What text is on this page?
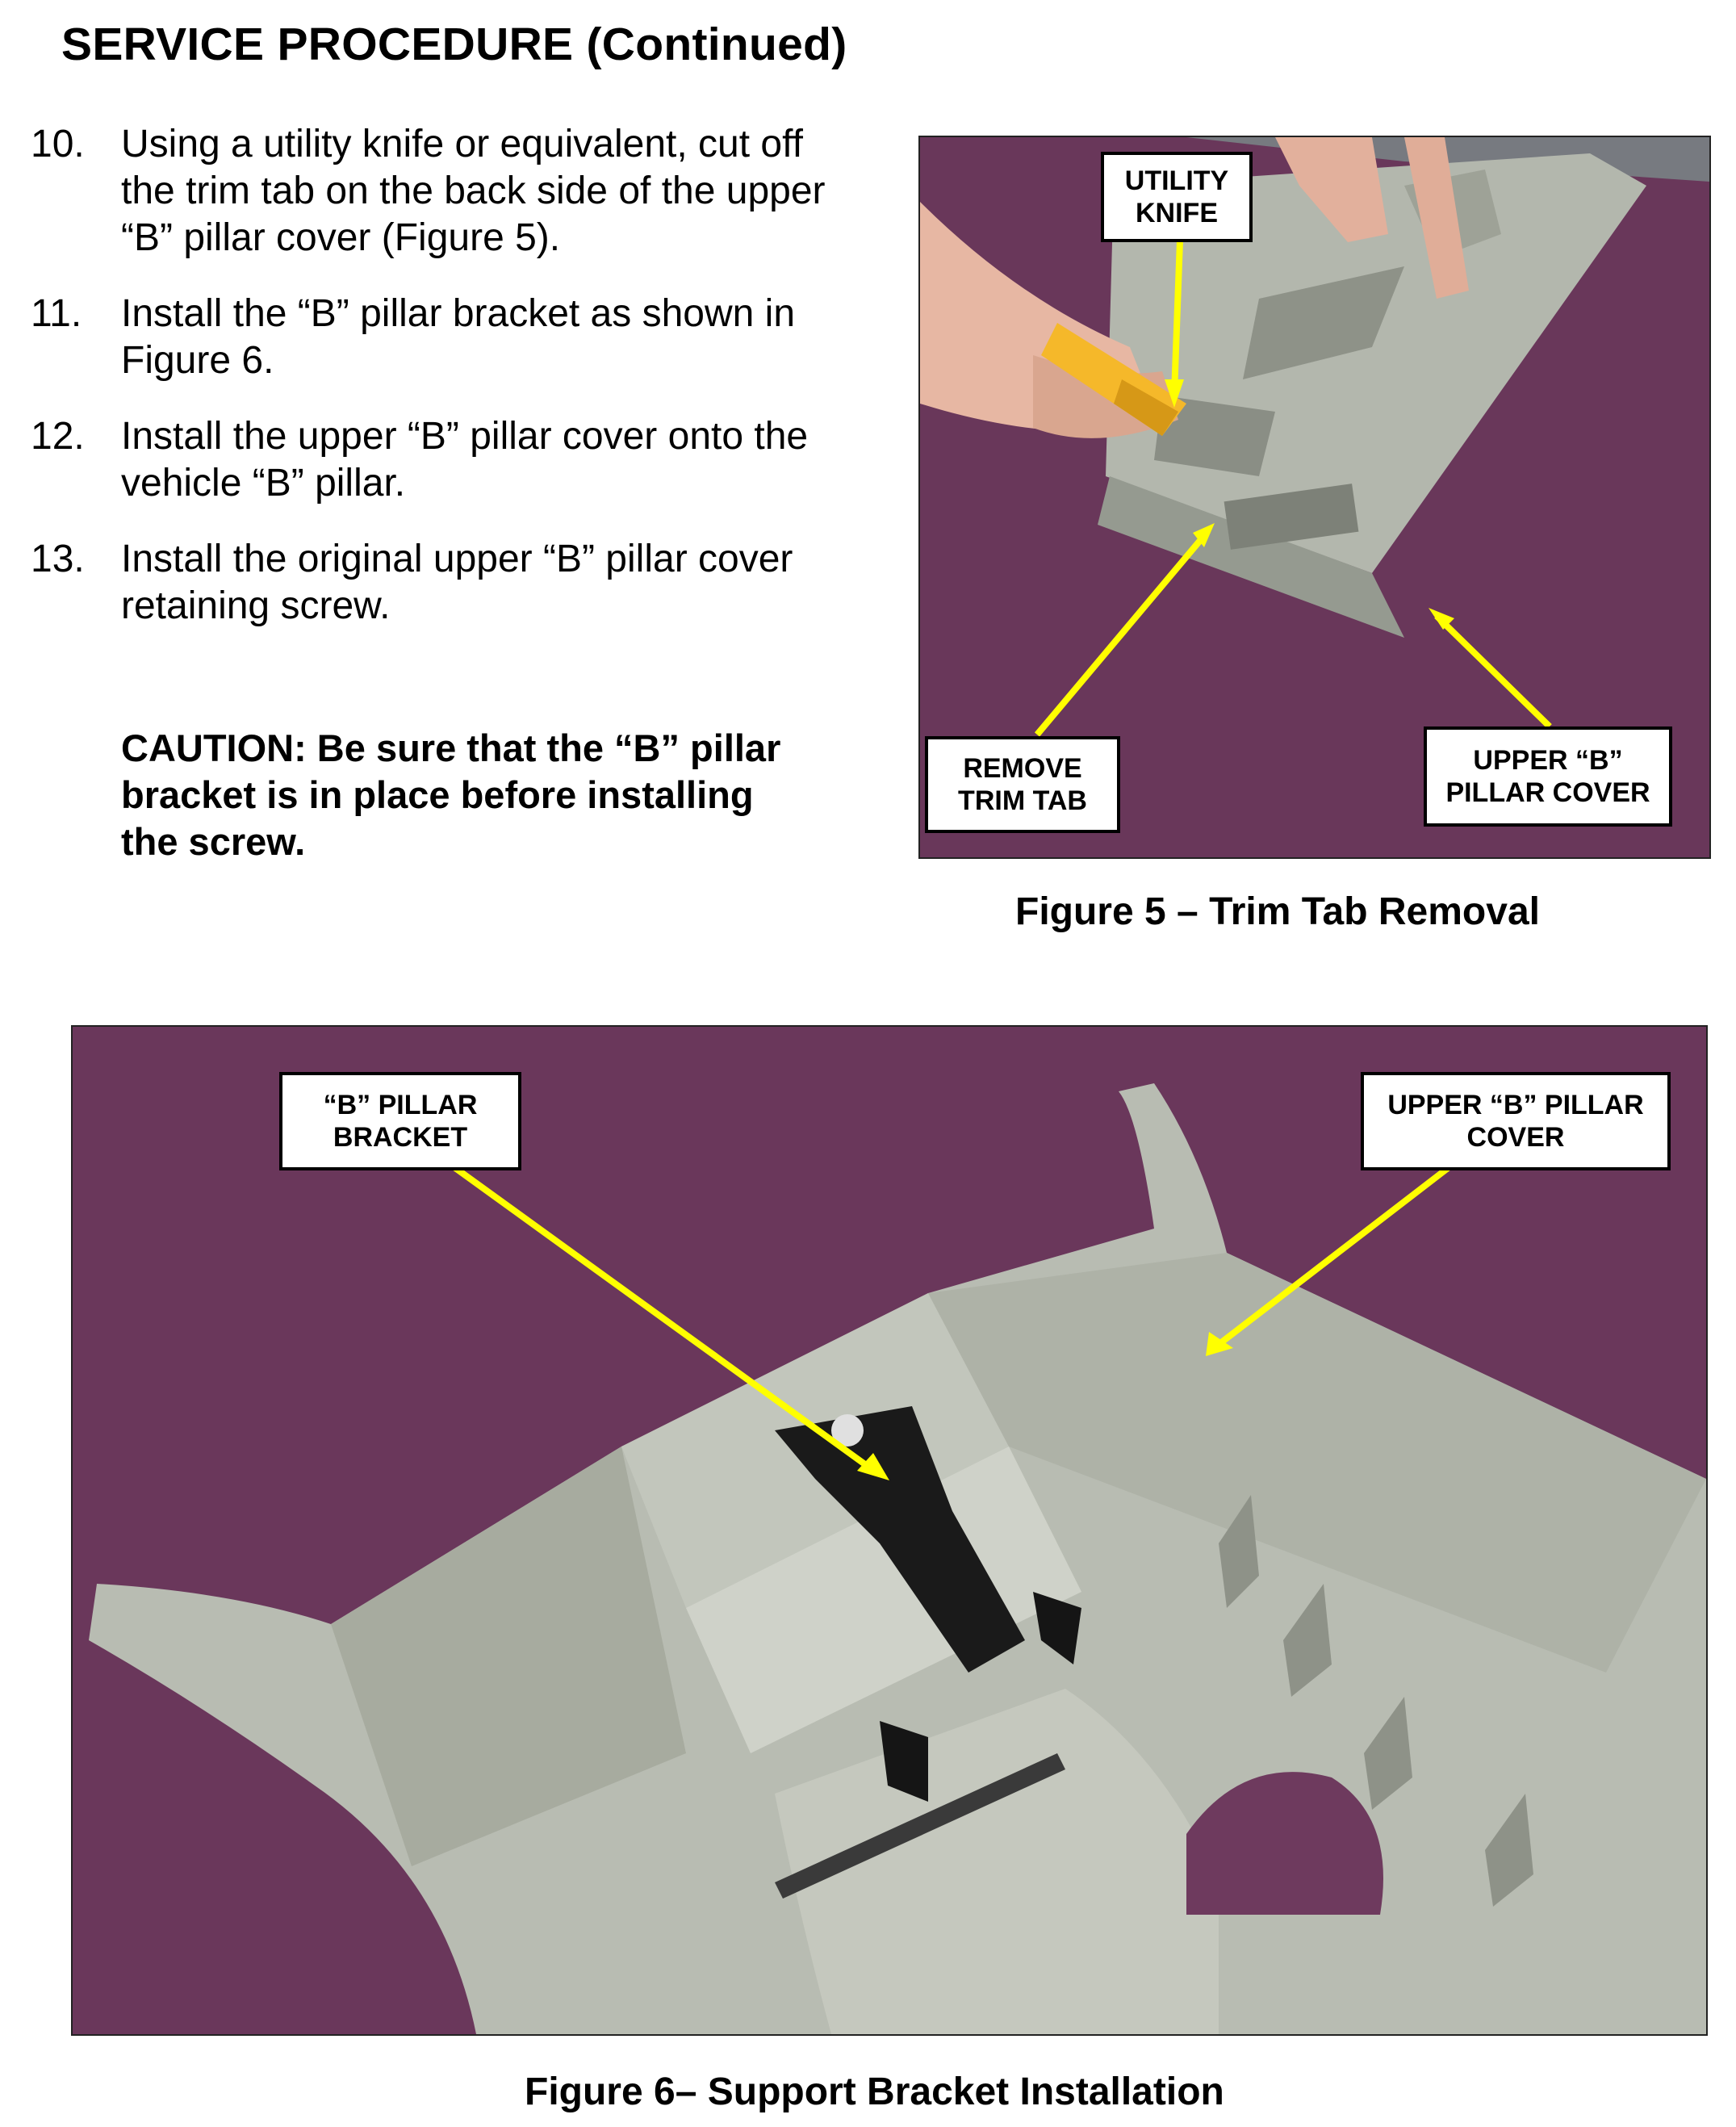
SERVICE PROCEDURE (Continued)
10. Using a utility knife or equivalent, cut off
the trim tab on the back side of the upper
“B” pillar cover (Figure 5).
11. Install the “B” pillar bracket as shown in
Figure 6.
12. Install the upper “B” pillar cover onto the
vehicle “B” pillar.
13. Install the original upper “B” pillar cover
retaining screw.
CAUTION: Be sure that the “B” pillar
bracket is in place before installing
the screw.
UTILITY
KNIFE
REMOVE
TRIM TAB
UPPER “B”
PILLAR COVER
Figure 5 – Trim Tab Removal
“B” PILLAR
BRACKET
UPPER “B” PILLAR
COVER
Figure 6– Support Bracket Installation
